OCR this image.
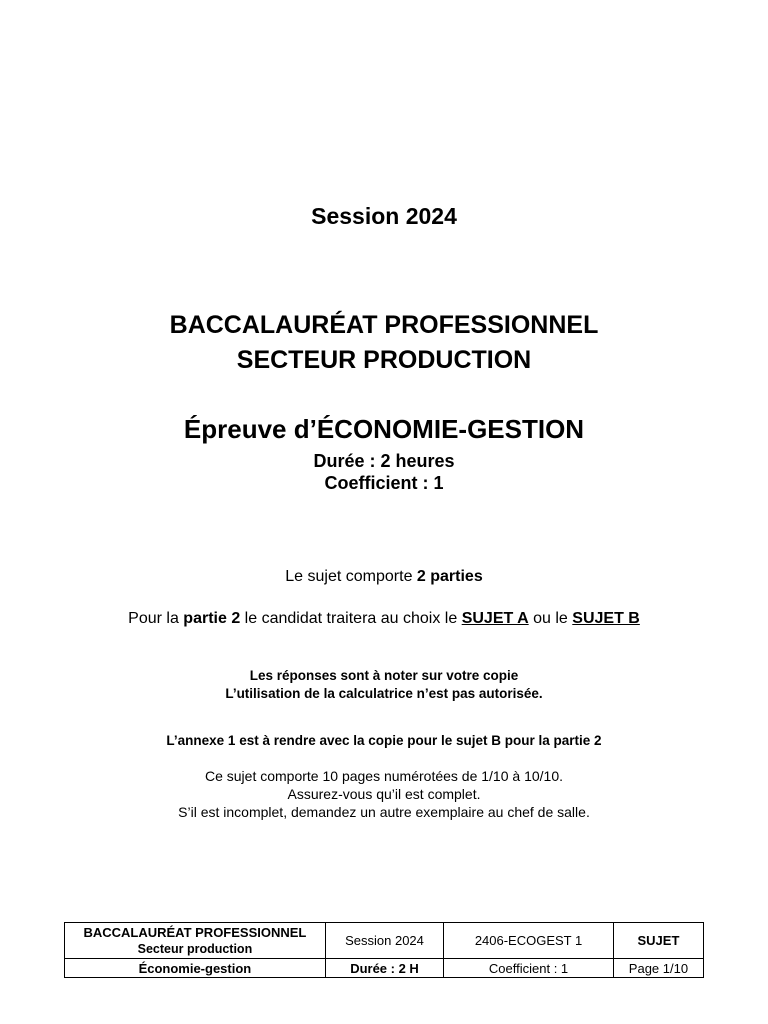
Session 2024
BACCALAURÉAT PROFESSIONNEL
SECTEUR PRODUCTION
Épreuve d’ÉCONOMIE-GESTION
Durée : 2 heures
Coefficient : 1
Le sujet comporte 2 parties
Pour la partie 2 le candidat traitera au choix le SUJET A ou le SUJET B
Les réponses sont à noter sur votre copie
L’utilisation de la calculatrice n’est pas autorisée.
L’annexe 1 est à rendre avec la copie pour le sujet B pour la partie 2
Ce sujet comporte 10 pages numérotées de 1/10 à 10/10.
Assurez-vous qu’il est complet.
S’il est incomplet, demandez un autre exemplaire au chef de salle.
BACCALAURÉAT PROFESSIONNEL
Secteur production	Session 2024	2406-ECOGEST 1	SUJET
Économie-gestion	Durée : 2 H	Coefficient : 1	Page 1/10
